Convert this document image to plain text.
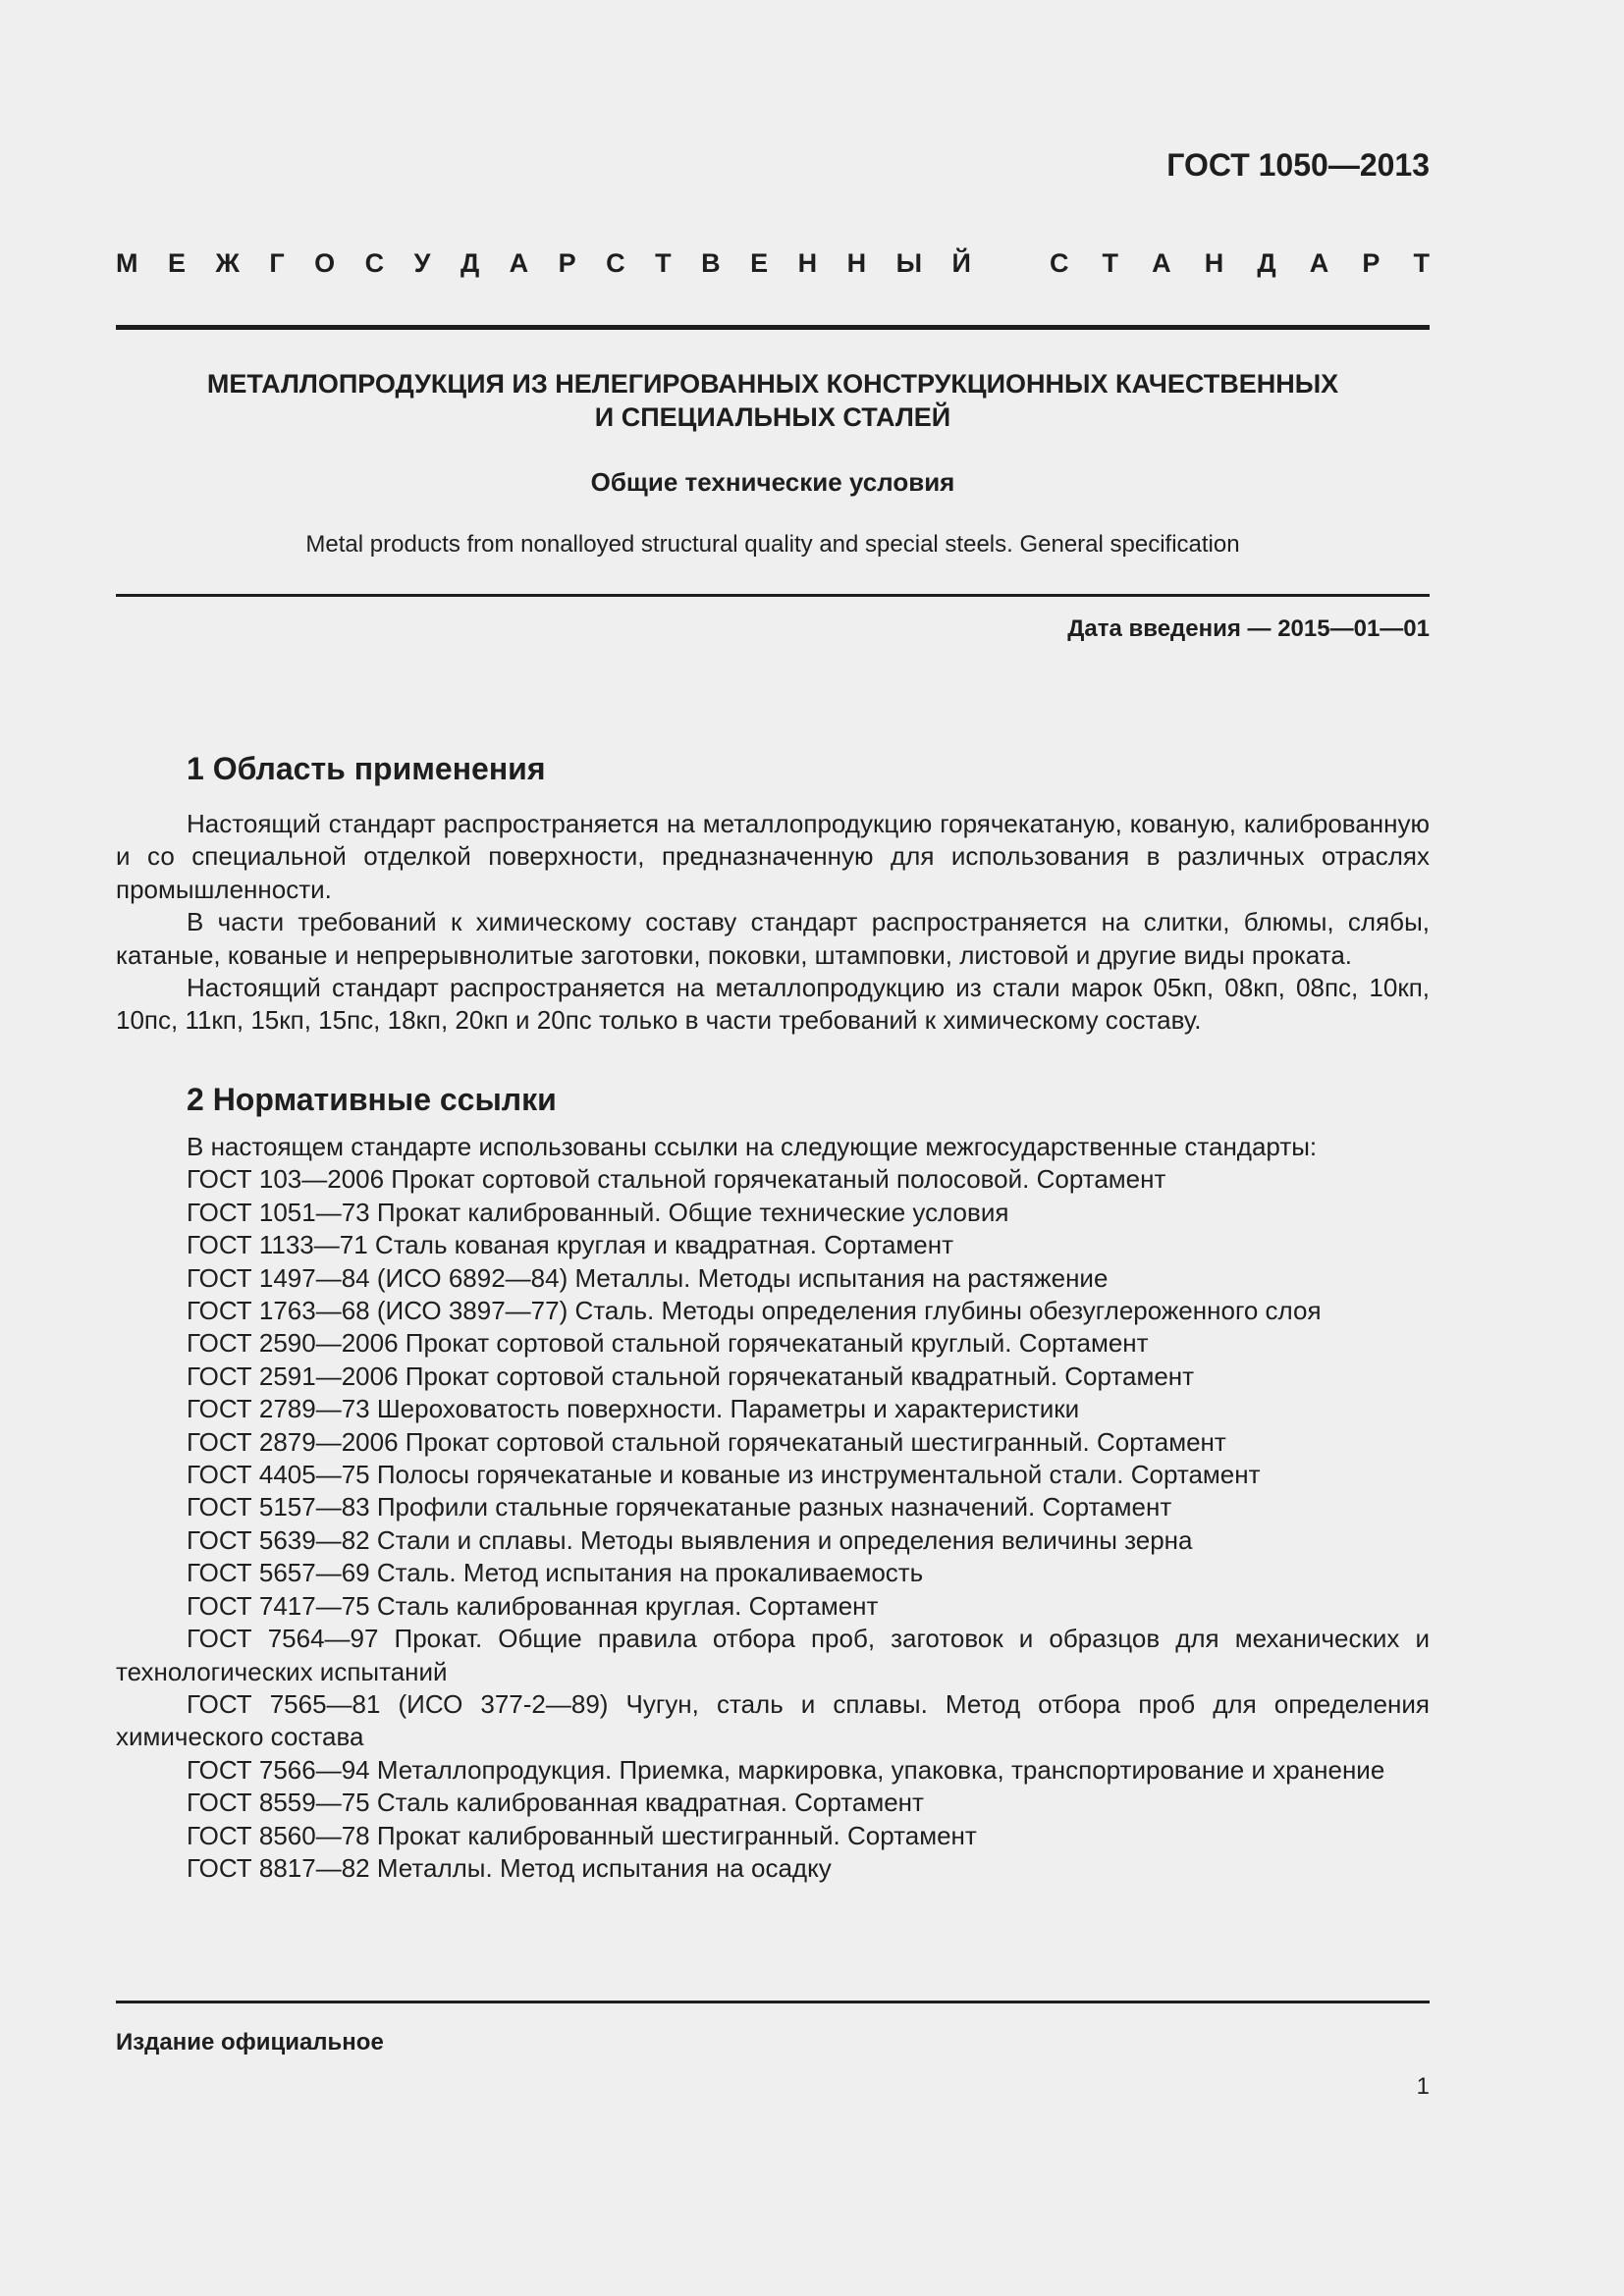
ГОСТ 1050—2013
М Е Ж Г О С У Д А Р С Т В Е Н Н Ы Й	С Т А Н Д А Р Т
МЕТАЛЛОПРОДУКЦИЯ ИЗ НЕЛЕГИРОВАННЫХ КОНСТРУКЦИОННЫХ КАЧЕСТВЕННЫХ
И СПЕЦИАЛЬНЫХ СТАЛЕЙ
Общие технические условия
Metal products from nonalloyed structural quality and special steels. General specification
Дата введения — 2015—01—01
1 Область применения

Настоящий стандарт распространяется на металлопродукцию горячекатаную, кованую, калиброванную и со специальной отделкой поверхности, предназначенную для использования в различных отраслях промышленности.

В части требований к химическому составу стандарт распространяется на слитки, блюмы, слябы, катаные, кованые и непрерывнолитые заготовки, поковки, штамповки, листовой и другие виды проката.

Настоящий стандарт распространяется на металлопродукцию из стали марок 05кп, 08кп, 08пс, 10кп, 10пс, 11кп, 15кп, 15пс, 18кп, 20кп и 20пс только в части требований к химическому составу.

2 Нормативные ссылки

В настоящем стандарте использованы ссылки на следующие межгосударственные стандарты:

ГОСТ 103—2006 Прокат сортовой стальной горячекатаный полосовой. Сортамент

ГОСТ 1051—73 Прокат калиброванный. Общие технические условия

ГОСТ 1133—71 Сталь кованая круглая и квадратная. Сортамент

ГОСТ 1497—84 (ИСО 6892—84) Металлы. Методы испытания на растяжение

ГОСТ 1763—68 (ИСО 3897—77) Сталь. Методы определения глубины обезуглероженного слоя

ГОСТ 2590—2006 Прокат сортовой стальной горячекатаный круглый. Сортамент

ГОСТ 2591—2006 Прокат сортовой стальной горячекатаный квадратный. Сортамент

ГОСТ 2789—73 Шероховатость поверхности. Параметры и характеристики

ГОСТ 2879—2006 Прокат сортовой стальной горячекатаный шестигранный. Сортамент

ГОСТ 4405—75 Полосы горячекатаные и кованые из инструментальной стали. Сортамент

ГОСТ 5157—83 Профили стальные горячекатаные разных назначений. Сортамент

ГОСТ 5639—82 Стали и сплавы. Методы выявления и определения величины зерна

ГОСТ 5657—69 Сталь. Метод испытания на прокаливаемость

ГОСТ 7417—75 Сталь калиброванная круглая. Сортамент

ГОСТ 7564—97 Прокат. Общие правила отбора проб, заготовок и образцов для механических и технологических испытаний

ГОСТ 7565—81 (ИСО 377-2—89) Чугун, сталь и сплавы. Метод отбора проб для определения химического состава

ГОСТ 7566—94 Металлопродукция. Приемка, маркировка, упаковка, транспортирование и хранение

ГОСТ 8559—75 Сталь калиброванная квадратная. Сортамент

ГОСТ 8560—78 Прокат калиброванный шестигранный. Сортамент

ГОСТ 8817—82 Металлы. Метод испытания на осадку

Издание официальное
1
